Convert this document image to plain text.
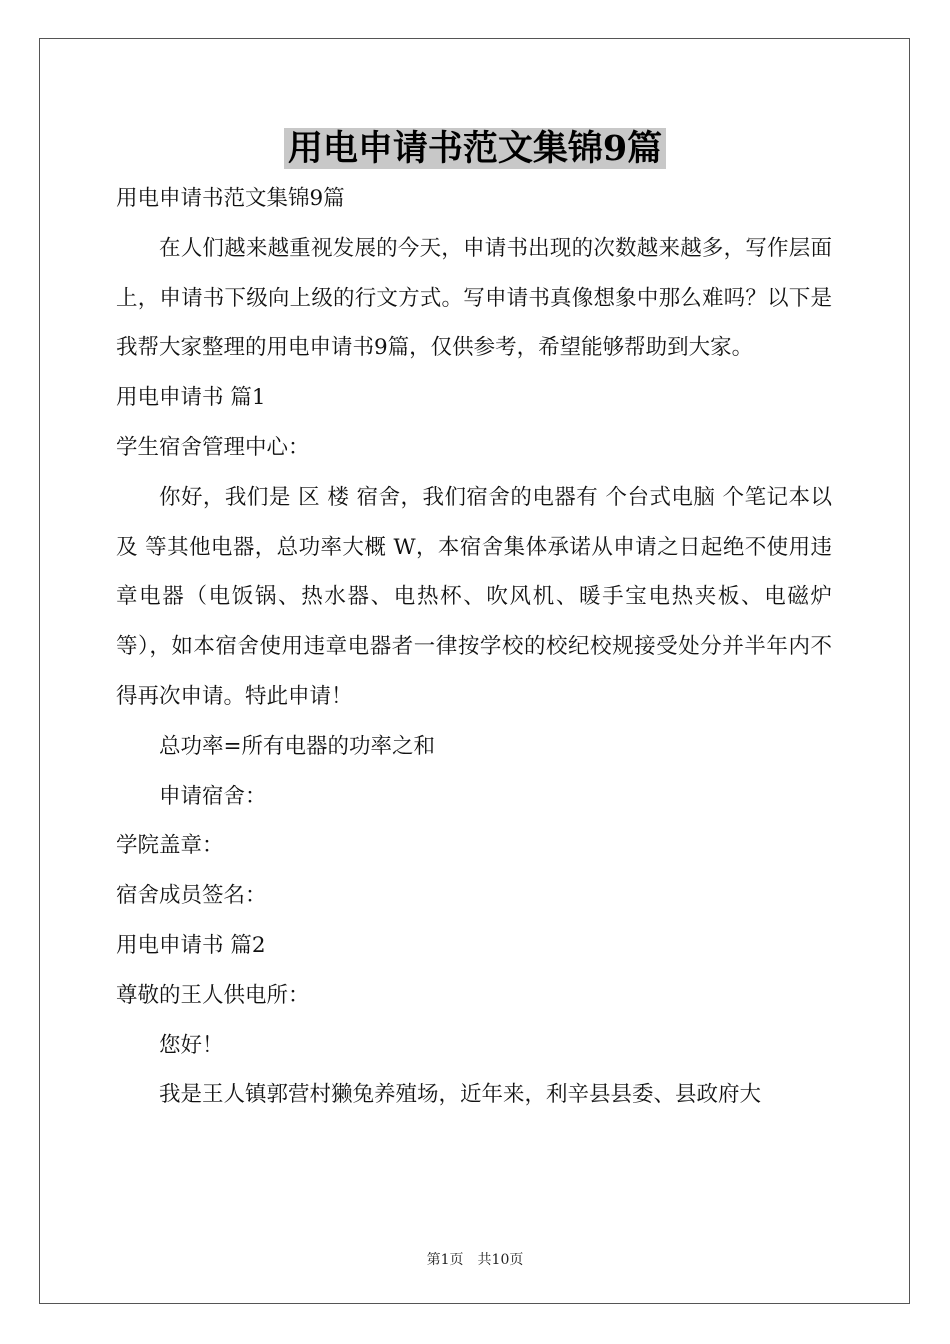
用电申请书范文集锦9篇

用电申请书范文集锦9篇

在人们越来越重视发展的今天，申请书出现的次数越来越多，写作层面上，申请书下级向上级的行文方式。写申请书真像想象中那么难吗？以下是我帮大家整理的用电申请书9篇，仅供参考，希望能够帮助到大家。

用电申请书 篇1

学生宿舍管理中心：

你好，我们是 区 楼 宿舍，我们宿舍的电器有 个台式电脑 个笔记本以及 等其他电器，总功率大概 W，本宿舍集体承诺从申请之日起绝不使用违章电器（电饭锅、热水器、电热杯、吹风机、暖手宝电热夹板、电磁炉等），如本宿舍使用违章电器者一律按学校的校纪校规接受处分并半年内不得再次申请。特此申请！

总功率=所有电器的功率之和

申请宿舍：

学院盖章：

宿舍成员签名：

用电申请书 篇2

尊敬的王人供电所：

您好！

我是王人镇郭营村獭兔养殖场，近年来，利辛县县委、县政府大

第1页　共10页
